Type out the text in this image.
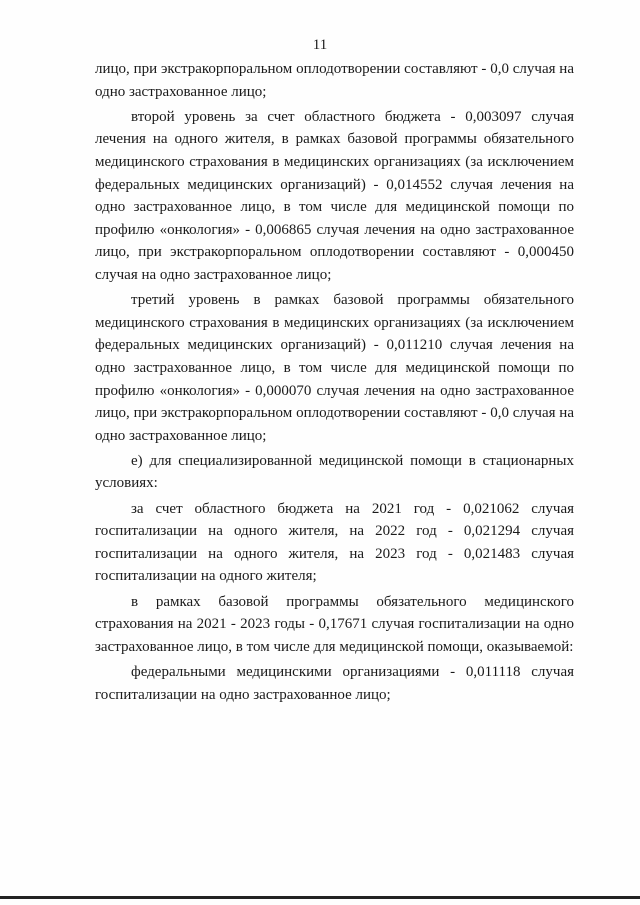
11

лицо, при экстракорпоральном оплодотворении составляют - 0,0 случая на одно застрахованное лицо;

второй уровень за счет областного бюджета - 0,003097 случая лечения на одного жителя, в рамках базовой программы обязательного медицинского страхования в медицинских организациях (за исключением федеральных медицинских организаций) - 0,014552 случая лечения на одно застрахованное лицо, в том числе для медицинской помощи по профилю «онкология» - 0,006865 случая лечения на одно застрахованное лицо, при экстракорпоральном оплодотворении составляют - 0,000450 случая на одно застрахованное лицо;

третий уровень в рамках базовой программы обязательного медицинского страхования в медицинских организациях (за исключением федеральных медицинских организаций) - 0,011210 случая лечения на одно застрахованное лицо, в том числе для медицинской помощи по профилю «онкология» - 0,000070 случая лечения на одно застрахованное лицо, при экстракорпоральном оплодотворении составляют - 0,0 случая на одно застрахованное лицо;

е) для специализированной медицинской помощи в стационарных условиях:

за счет областного бюджета на 2021 год - 0,021062 случая госпитализации на одного жителя, на 2022 год - 0,021294 случая госпитализации на одного жителя, на 2023 год - 0,021483 случая госпитализации на одного жителя;

в рамках базовой программы обязательного медицинского страхования на 2021 - 2023 годы - 0,17671 случая госпитализации на одно застрахованное лицо, в том числе для медицинской помощи, оказываемой:

федеральными медицинскими организациями - 0,011118 случая госпитализации на одно застрахованное лицо;
